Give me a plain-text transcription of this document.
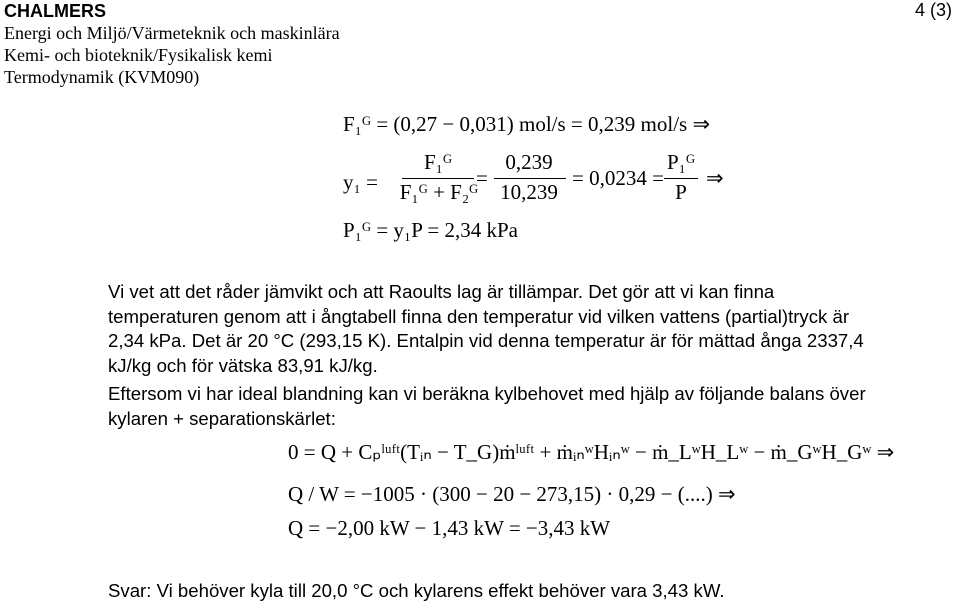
CHALMERS	4 (3)
Energi och Miljö/Värmeteknik och maskinlära
Kemi- och bioteknik/Fysikalisk kemi
Termodynamik (KVM090)
F₁ᴳ = (0,27 − 0,031) mol/s = 0,239 mol/s ⇒
y₁ =
F₁ᴳ
F₁ᴳ + F₂ᴳ
=
0,239
10,239
= 0,0234 =
P₁ᴳ
P
⇒
P₁ᴳ = y₁P = 2,34 kPa
Vi vet att det råder jämvikt och att Raoults lag är tillämpar. Det gör att vi kan finna
temperaturen genom att i ångtabell finna den temperatur vid vilken vattens (partial)tryck är
2,34 kPa. Det är 20 °C (293,15 K). Entalpin vid denna temperatur är för mättad ånga 2337,4
kJ/kg och för vätska 83,91 kJ/kg.
Eftersom vi har ideal blandning kan vi beräkna kylbehovet med hjälp av följande balans över
kylaren + separationskärlet:
0 = Q + Cₚˡᵘᶠᵗ(Tᵢₙ − T_G)ṁˡᵘᶠᵗ + ṁᵢₙʷHᵢₙʷ − ṁ_LʷH_Lʷ − ṁ_GʷH_Gʷ ⇒
Q / W = −1005 · (300 − 20 − 273,15) · 0,29 − (....) ⇒
Q = −2,00 kW − 1,43 kW = −3,43 kW
Svar: Vi behöver kyla till 20,0 °C och kylarens effekt behöver vara 3,43 kW.
